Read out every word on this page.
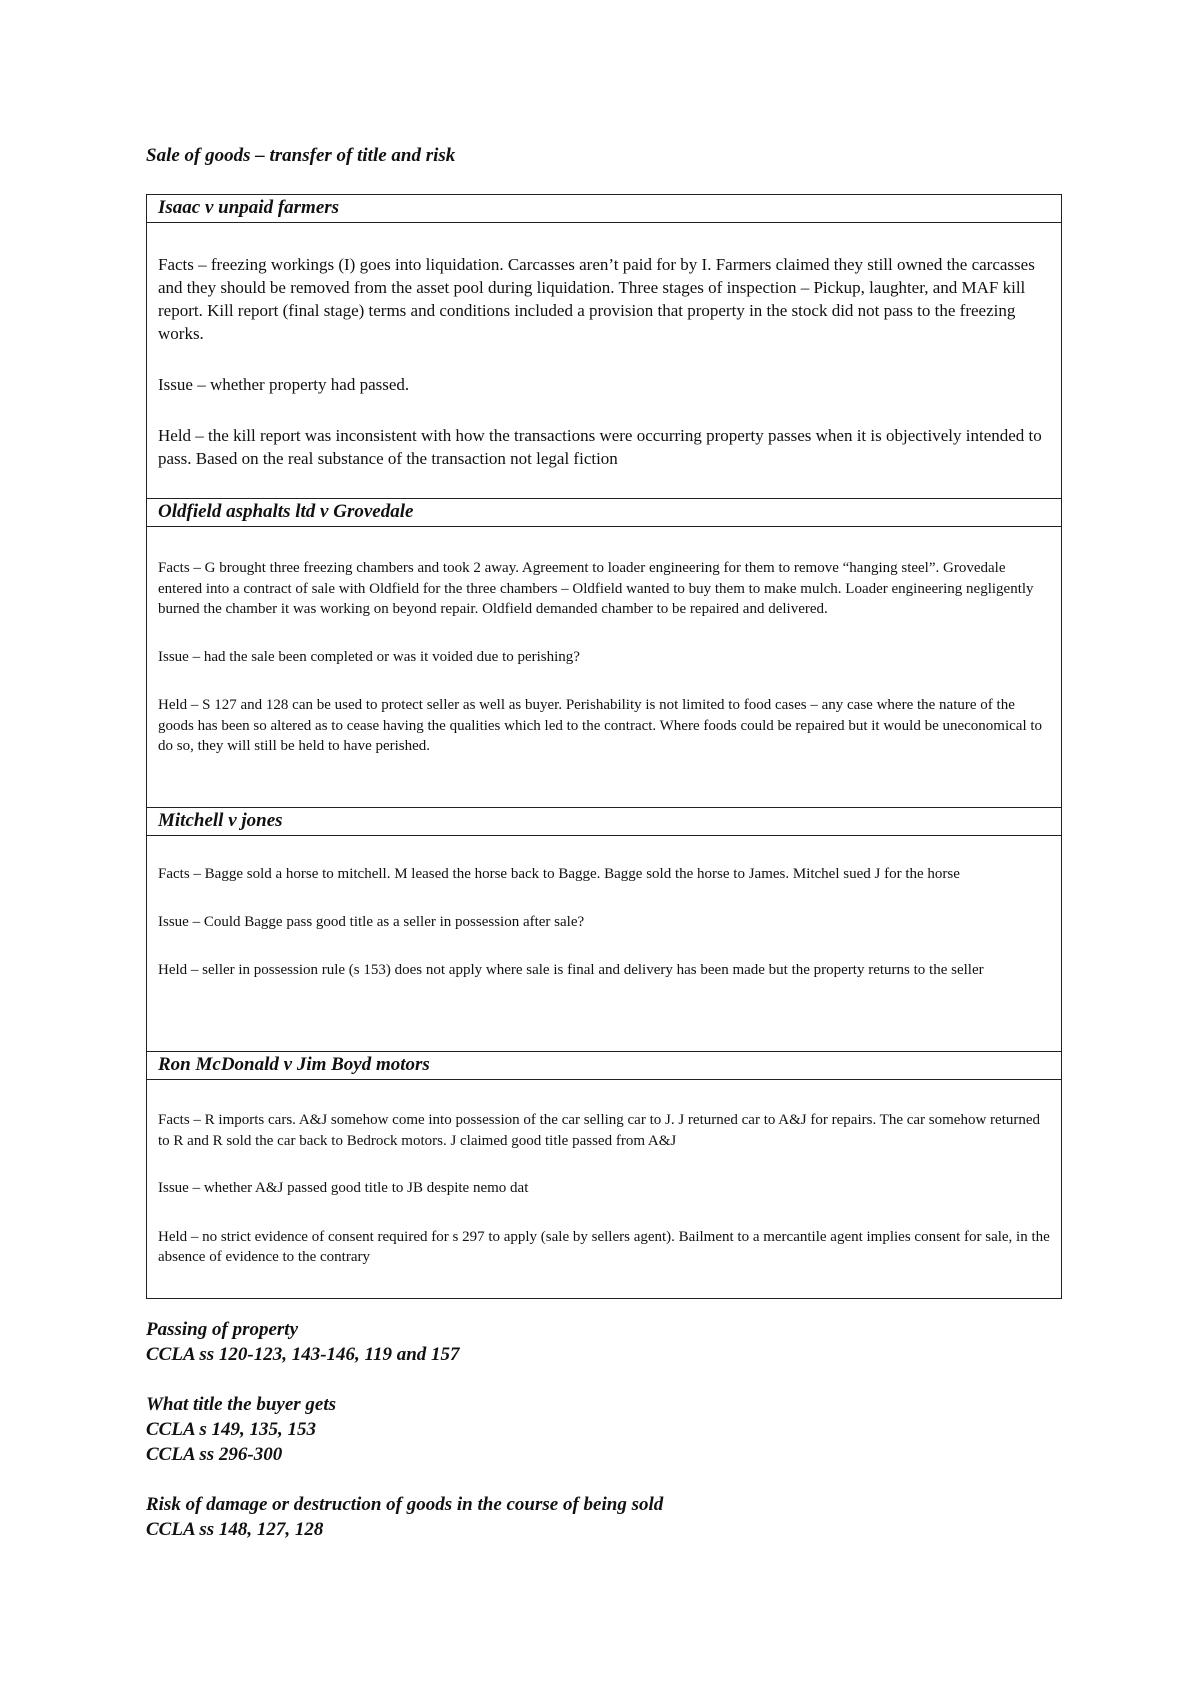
Sale of goods – transfer of title and risk
Isaac v unpaid farmers

Facts – freezing workings (I) goes into liquidation. Carcasses aren’t paid for by I. Farmers claimed they still owned the carcasses and they should be removed from the asset pool during liquidation. Three stages of inspection – Pickup, laughter, and MAF kill report. Kill report (final stage) terms and conditions included a provision that property in the stock did not pass to the freezing works.

Issue – whether property had passed.

Held – the kill report was inconsistent with how the transactions were occurring property passes when it is objectively intended to pass. Based on the real substance of the transaction not legal fiction

Oldfield asphalts ltd v Grovedale

Facts – G brought three freezing chambers and took 2 away. Agreement to loader engineering for them to remove “hanging steel”. Grovedale entered into a contract of sale with Oldfield for the three chambers – Oldfield wanted to buy them to make mulch. Loader engineering negligently burned the chamber it was working on beyond repair. Oldfield demanded chamber to be repaired and delivered.

Issue – had the sale been completed or was it voided due to perishing?

Held – S 127 and 128 can be used to protect seller as well as buyer. Perishability is not limited to food cases – any case where the nature of the goods has been so altered as to cease having the qualities which led to the contract. Where foods could be repaired but it would be uneconomical to do so, they will still be held to have perished.

Mitchell v jones

Facts – Bagge sold a horse to mitchell. M leased the horse back to Bagge. Bagge sold the horse to James. Mitchel sued J for the horse

Issue – Could Bagge pass good title as a seller in possession after sale?

Held – seller in possession rule (s 153) does not apply where sale is final and delivery has been made but the property returns to the seller

Ron McDonald v Jim Boyd motors

Facts – R imports cars. A&J somehow come into possession of the car selling car to J. J returned car to A&J for repairs. The car somehow returned to R and R sold the car back to Bedrock motors. J claimed good title passed from A&J

Issue – whether A&J passed good title to JB despite nemo dat

Held – no strict evidence of consent required for s 297 to apply (sale by sellers agent). Bailment to a mercantile agent implies consent for sale, in the absence of evidence to the contrary

Passing of property
CCLA ss 120-123, 143-146, 119 and 157
What title the buyer gets
CCLA s 149, 135, 153
CCLA ss 296-300
Risk of damage or destruction of goods in the course of being sold
CCLA ss 148, 127, 128
